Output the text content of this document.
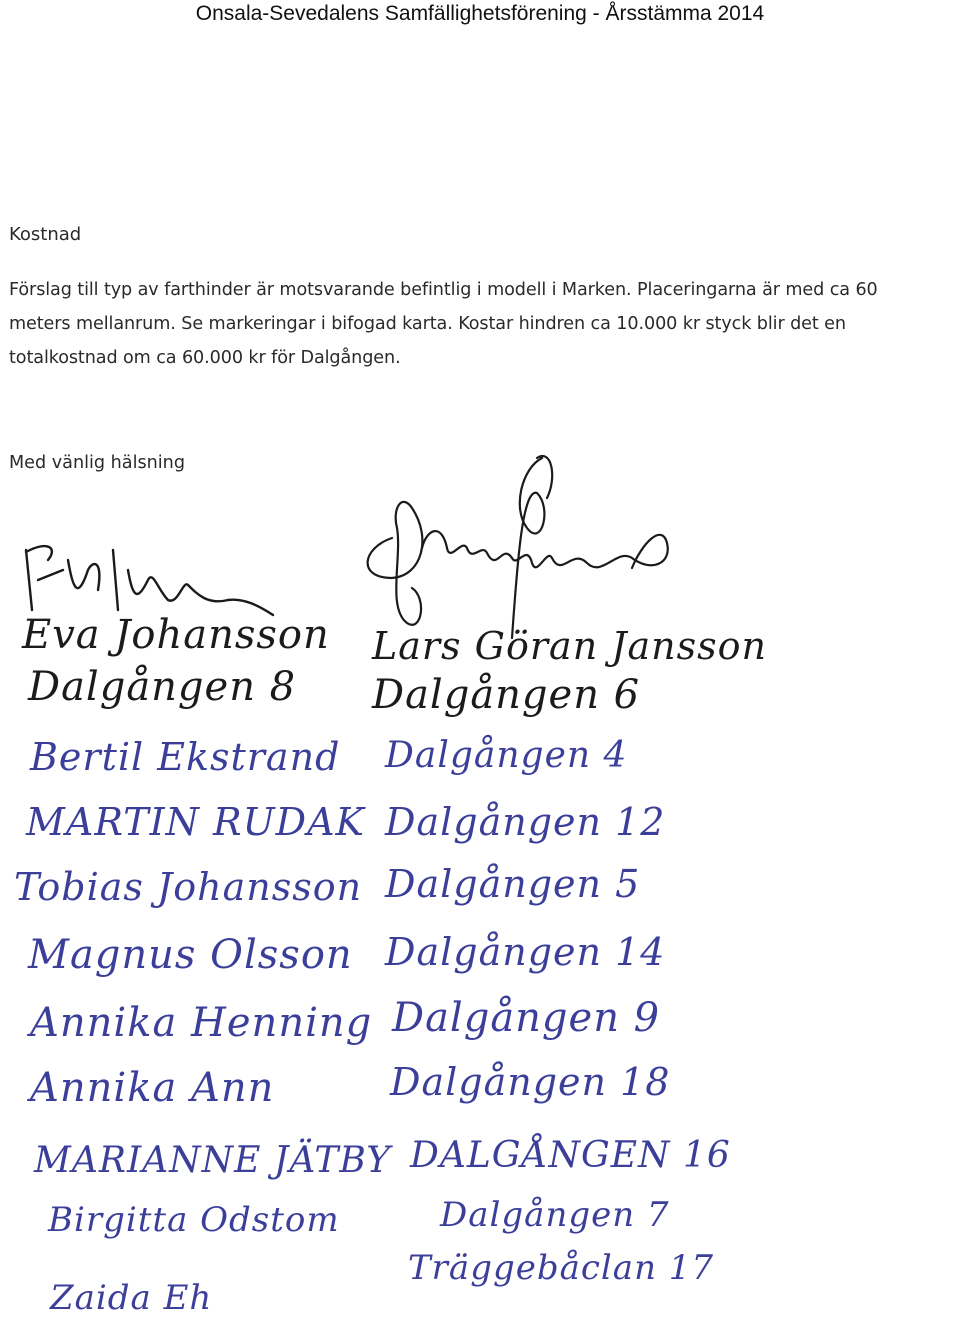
Onsala-Sevedalens Samfällighetsförening - Årsstämma 2014
Kostnad
Förslag till typ av farthinder är motsvarande befintlig i modell i Marken. Placeringarna är med ca 60
meters mellanrum. Se markeringar i bifogad karta. Kostar hindren ca 10.000 kr styck blir det en
totalkostnad om ca 60.000 kr för Dalgången.
Med vänlig hälsning
Eva Johansson
Dalgången 8
Lars Göran Jansson
Dalgången 6
Bertil Ekstrand Dalgången 4
MARTIN RUDAK Dalgången 12
Tobias Johansson Dalgången 5
Magnus Olsson Dalgången 14
Annika Henning Dalgången 9
Annika Ann	Dalgången 18
MARIANNE JÄTBY DALGÅNGEN 16
Birgitta Odstom	Dalgången 7
Zaida Eh
Träggebåclan 17
